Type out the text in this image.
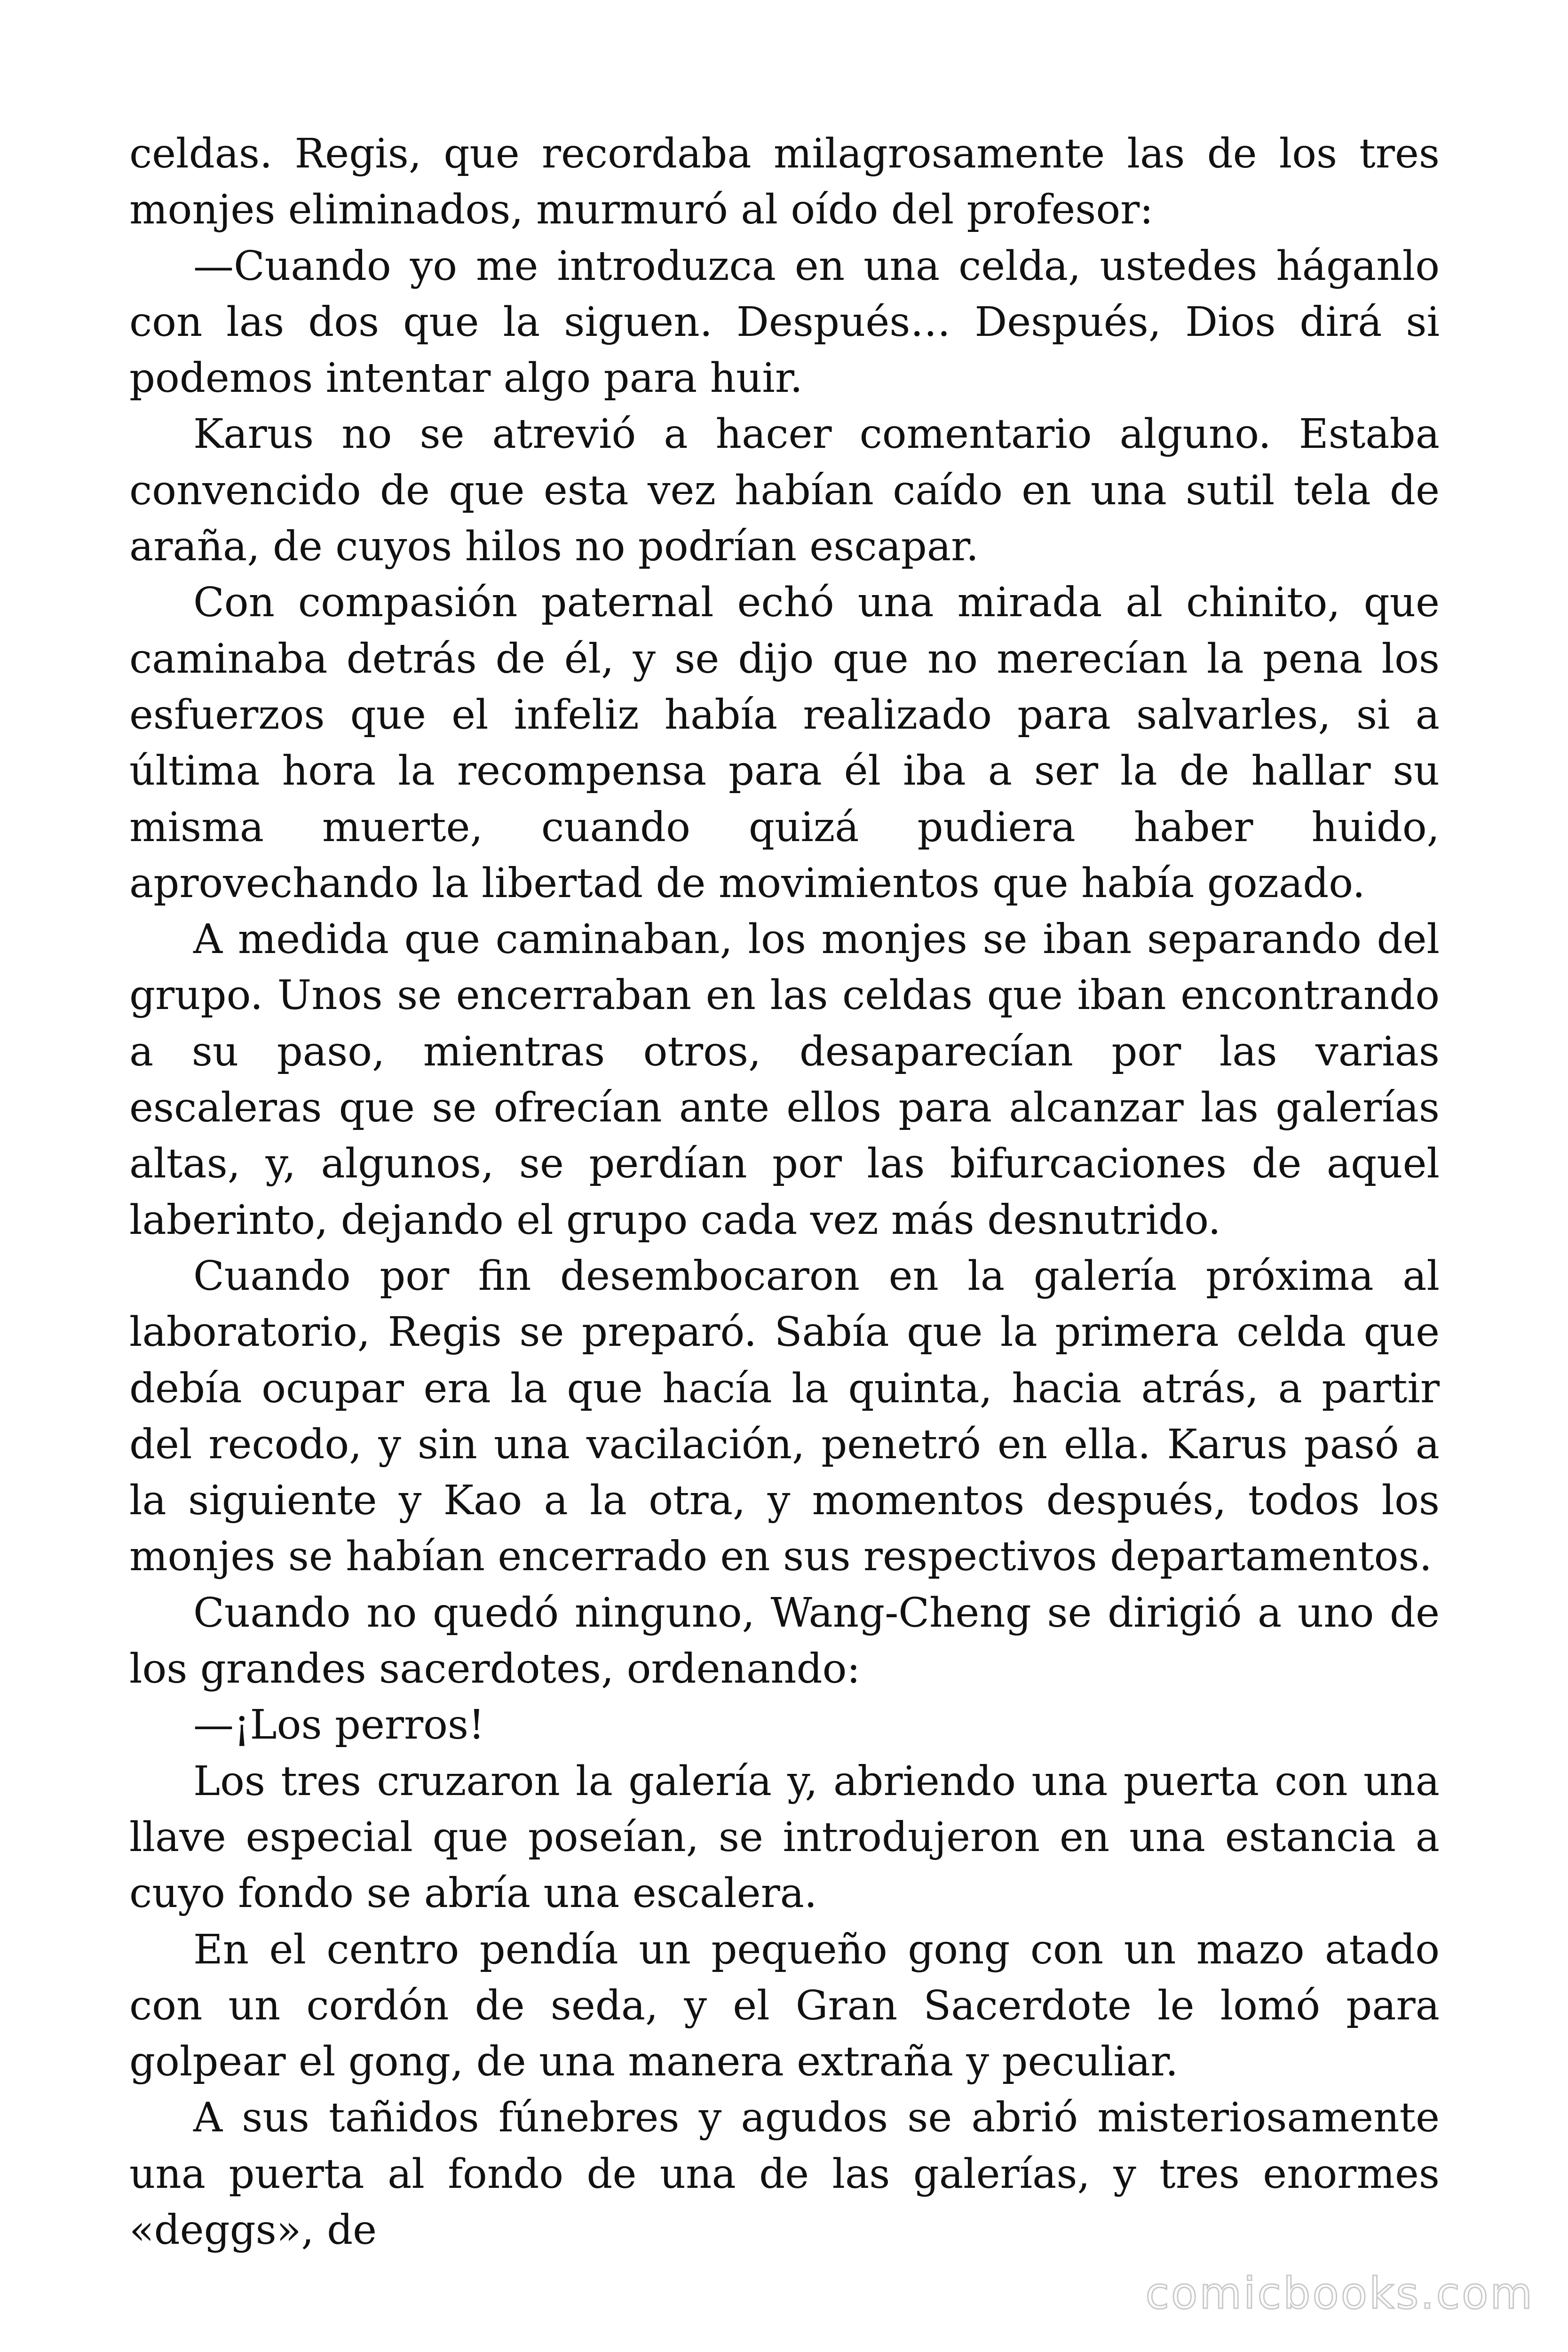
celdas. Regis, que recordaba milagrosamente las de los tres monjes eliminados, murmuró al oído del profesor:

—Cuando yo me introduzca en una celda, ustedes háganlo con las dos que la siguen. Después… Después, Dios dirá si podemos intentar algo para huir.

Karus no se atrevió a hacer comentario alguno. Estaba convencido de que esta vez habían caído en una sutil tela de araña, de cuyos hilos no podrían escapar.

Con compasión paternal echó una mirada al chinito, que caminaba detrás de él, y se dijo que no merecían la pena los esfuerzos que el infeliz había realizado para salvarles, si a última hora la recompensa para él iba a ser la de hallar su misma muerte, cuando quizá pudiera haber huido, aprovechando la libertad de movimientos que había gozado.

A medida que caminaban, los monjes se iban separando del grupo. Unos se encerraban en las celdas que iban encontrando a su paso, mientras otros, desaparecían por las varias escaleras que se ofrecían ante ellos para alcanzar las galerías altas, y, algunos, se perdían por las bifurcaciones de aquel laberinto, dejando el grupo cada vez más desnutrido.

Cuando por fin desembocaron en la galería próxima al laboratorio, Regis se preparó. Sabía que la primera celda que debía ocupar era la que hacía la quinta, hacia atrás, a partir del recodo, y sin una vacilación, penetró en ella. Karus pasó a la siguiente y Kao a la otra, y momentos después, todos los monjes se habían encerrado en sus respectivos departamentos.

Cuando no quedó ninguno, Wang-Cheng se dirigió a uno de los grandes sacerdotes, ordenando:

—¡Los perros!

Los tres cruzaron la galería y, abriendo una puerta con una llave especial que poseían, se introdujeron en una estancia a cuyo fondo se abría una escalera.

En el centro pendía un pequeño gong con un mazo atado con un cordón de seda, y el Gran Sacerdote le lomó para golpear el gong, de una manera extraña y peculiar.

A sus tañidos fúnebres y agudos se abrió misteriosamente una puerta al fondo de una de las galerías, y tres enormes «deggs», de

comicbooks.com
